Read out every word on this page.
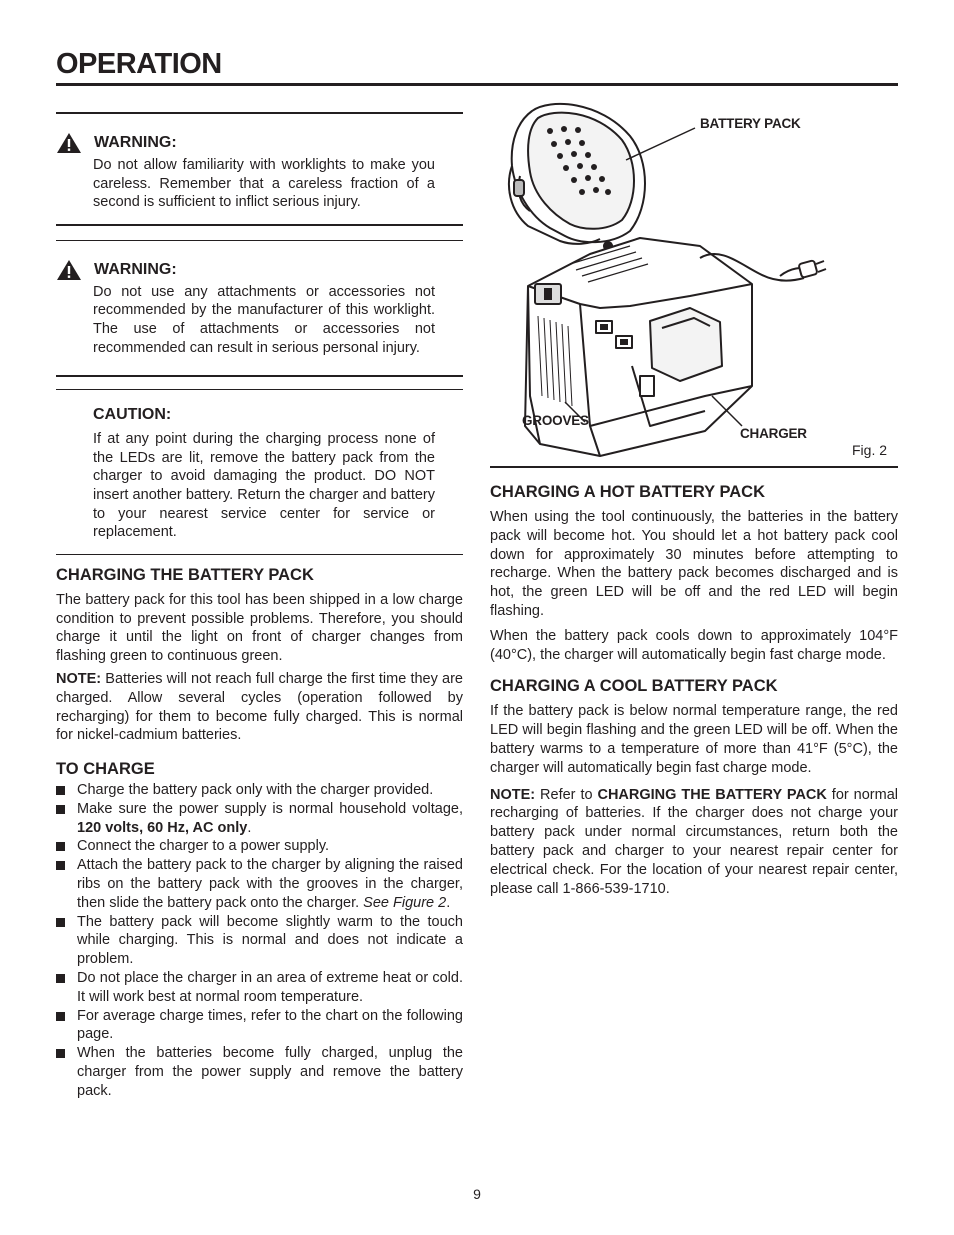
OPERATION
WARNING:
Do not allow familiarity with worklights to make you careless. Remember that a careless fraction of a second is sufficient to inflict serious injury.
WARNING:
Do not use any attachments or accessories not recommended by the manufacturer of this worklight. The use of attachments or accessories not recommended can result in serious personal injury.
CAUTION:
If at any point during the charging process none of the LEDs are lit, remove the battery pack from the charger to avoid damaging the product. DO NOT insert another battery. Return the charger and battery to your nearest service center for service or replacement.
CHARGING THE BATTERY PACK

The battery pack for this tool has been shipped in a low charge condition to prevent possible problems. Therefore, you should charge it until the light on front of charger changes from flashing green to continuous green.

NOTE: Batteries will not reach full charge the first time they are charged. Allow several cycles (operation followed by recharging) for them to become fully charged. This is normal for nickel-cadmium batteries.

TO CHARGE
Charge the battery pack only with the charger provided.
Make sure the power supply is normal household voltage, 120 volts, 60 Hz, AC only.
Connect the charger to a power supply.
Attach the battery pack to the charger by aligning the raised ribs on the battery pack with the grooves in the charger, then slide the battery pack onto the charger. See Figure 2.
The battery pack will become slightly warm to the touch while charging. This is normal and does not indicate a problem.
Do not place the charger in an area of extreme heat or cold. It will work best at normal room temperature.
For average charge times, refer to the chart on the following page.
When the batteries become fully charged, unplug the charger from the power supply and remove the battery pack.
BATTERY PACK
GROOVES
CHARGER
Fig. 2
CHARGING A HOT BATTERY PACK

When using the tool continuously, the batteries in the battery pack will become hot. You should let a hot battery pack cool down for approximately 30 minutes before attempting to recharge. When the battery pack becomes discharged and is hot, the green LED will be off and the red LED will begin flashing.

When the battery pack cools down to approximately 104°F (40°C), the charger will automatically begin fast charge mode.

CHARGING A COOL BATTERY PACK

If the battery pack is below normal temperature range, the red LED will begin flashing and the green LED will be off. When the battery warms to a temperature of more than 41°F (5°C), the charger will automatically begin fast charge mode.

NOTE: Refer to CHARGING THE BATTERY PACK for normal recharging of batteries. If the charger does not charge your battery pack under normal circumstances, return both the battery pack and charger to your nearest repair center for electrical check. For the location of your nearest repair center, please call 1-866-539-1710.

9
